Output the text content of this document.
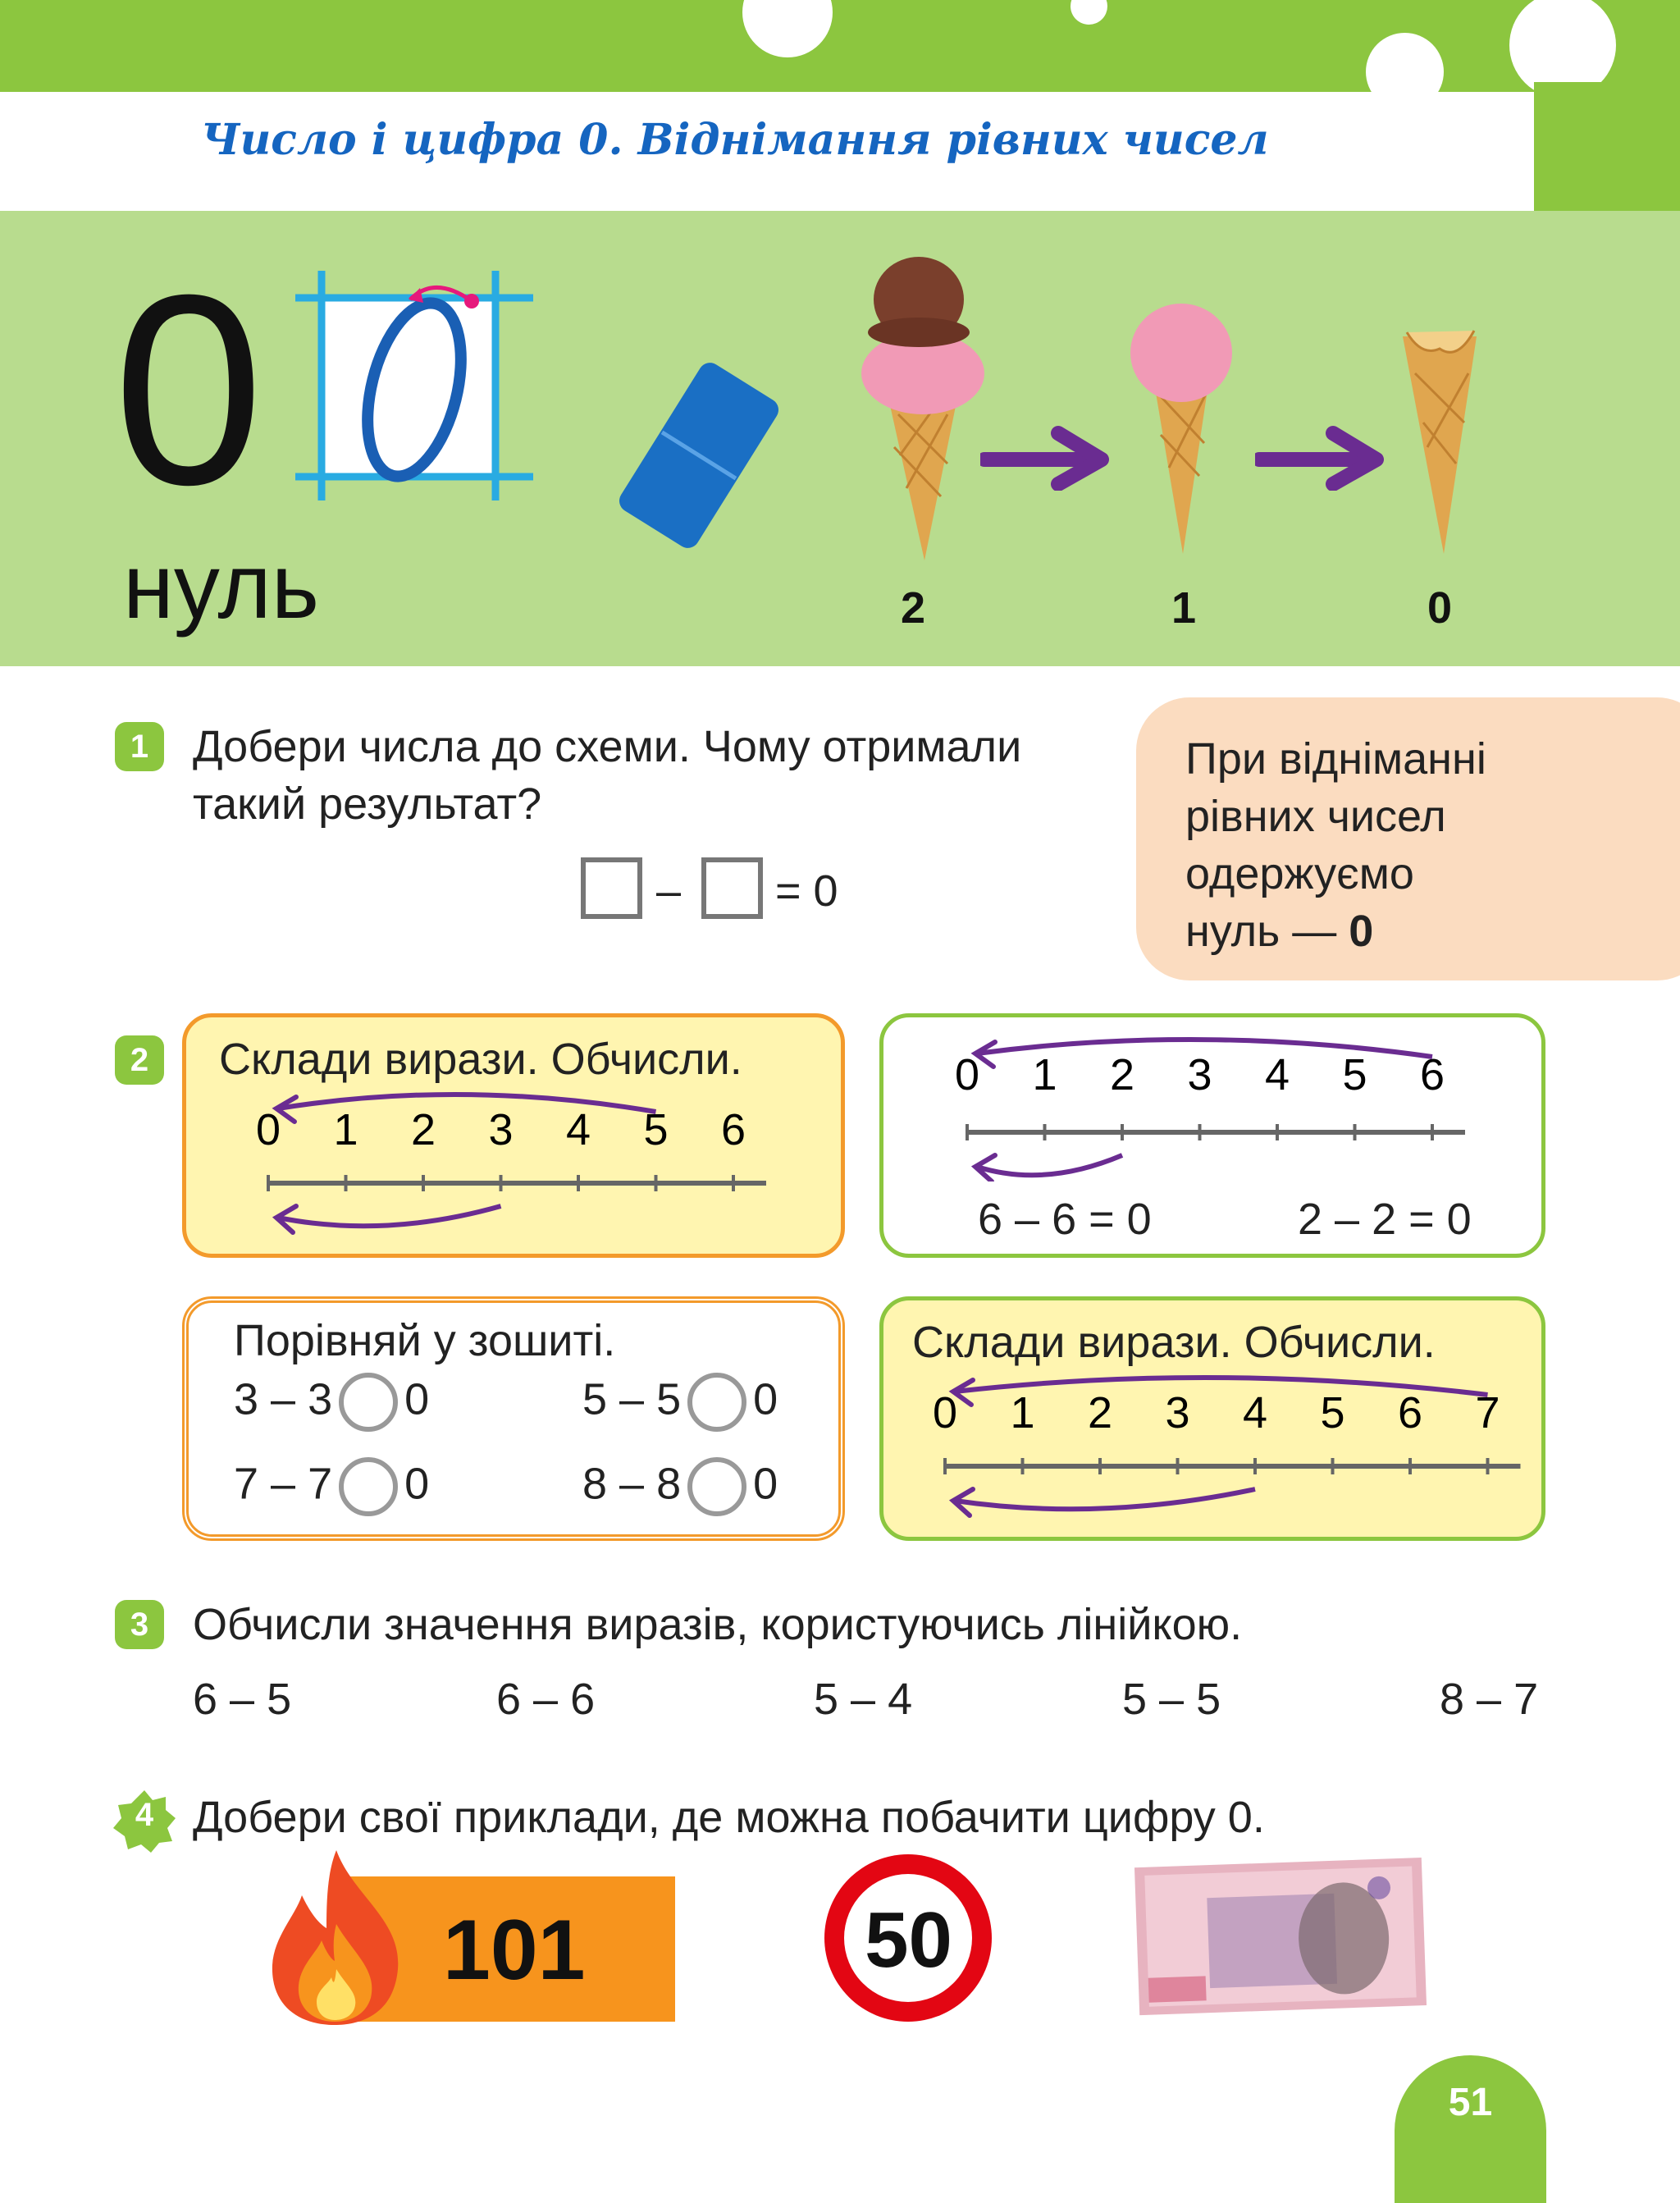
Число і цифра 0. Віднімання рівних чисел
0
нуль	2	1	0
1 Добери числа до схеми. Чому отримали
такий результат?
– = 0
При відніманні
рівних чисел
одержуємо
нуль — 0
2	Склади вирази. Обчисли.
0 1 2 3 4 5 6
0 1 2 3 4 5 6
6 – 6 = 0	2 – 2 = 0
Порівняй у зошиті.
3 – 3 0	5 – 5 0
7 – 7 0	8 – 8 0
Склади вирази. Обчисли.
0 1 2 3 4 5 6 7
3 Обчисли значення виразів, користуючись лінійкою.
6 – 5	6 – 6	5 – 4	5 – 5	8 – 7
4 Добери свої приклади, де можна побачити цифру 0.
101	50
51
